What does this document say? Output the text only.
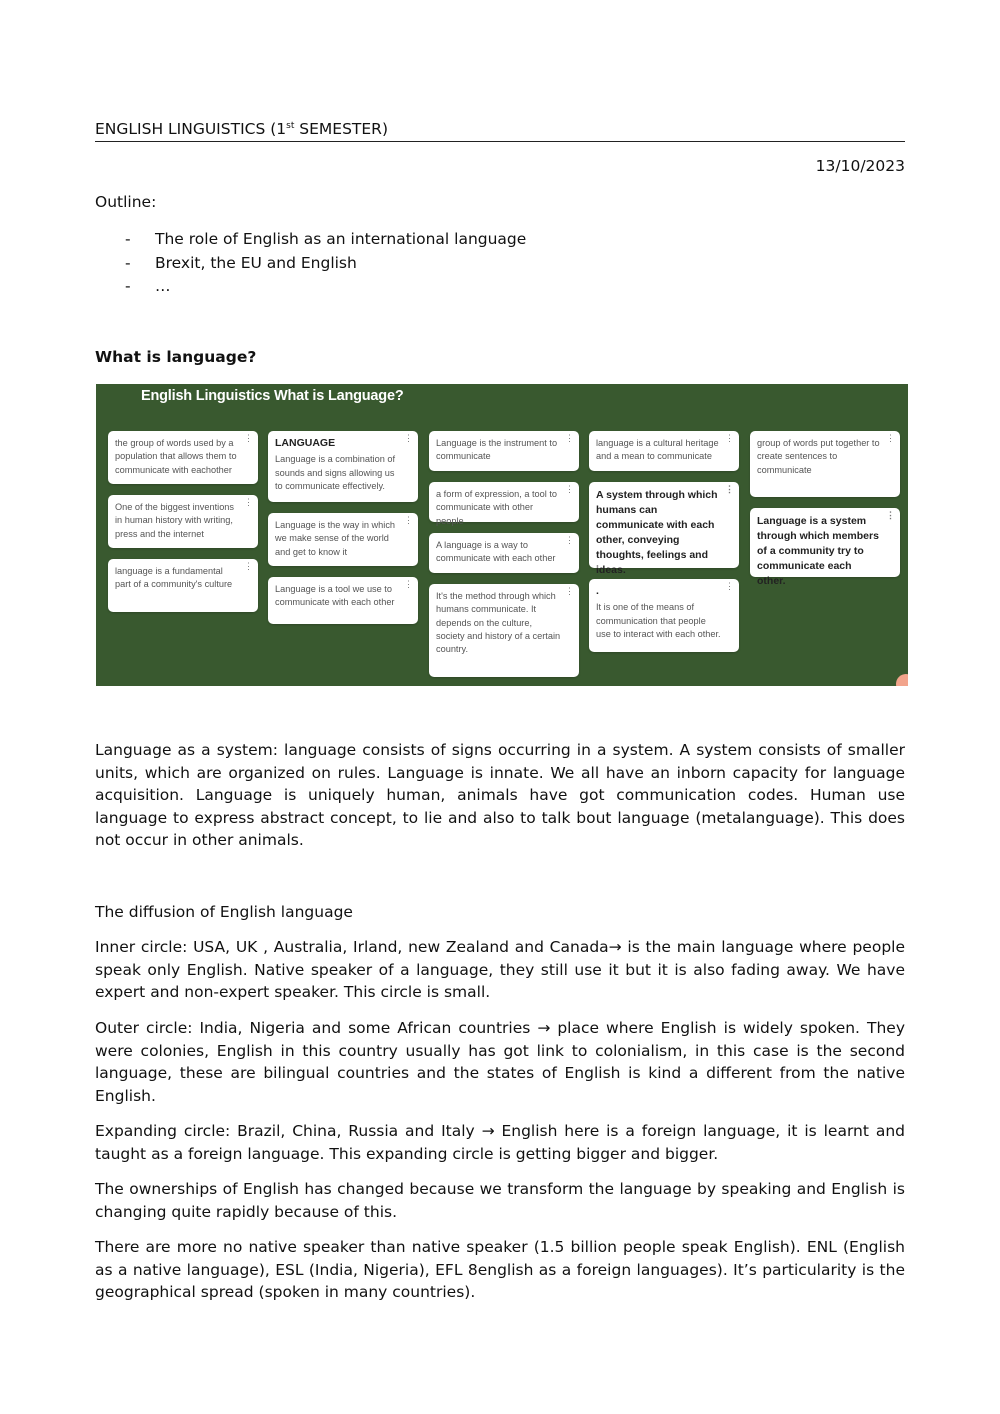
ENGLISH LINGUISTICS (1st SEMESTER)
13/10/2023
Outline:
-	The role of English as an international language
-	Brexit, the EU and English
-	…
What is language?
English Linguistics What is Language?
⋮
the group of words used by a population that allows them to communicate with eachother
⋮
One of the biggest inventions in human history with writing, press and the internet
⋮
language is a fundamental part of a community's culture
⋮
LANGUAGE
Language is a combination of sounds and signs allowing us to communicate effectively.
⋮
Language is the way in which we make sense of the world and get to know it
⋮
Language is a tool we use to communicate with each other
⋮
Language is the instrument to communicate
⋮
a form of expression, a tool to communicate with other people
⋮
A language is a way to communicate with each other
⋮
It's the method through which humans communicate. It depends on the culture, society and history of a certain country.
⋮
language is a cultural heritage and a mean to communicate
⋮
A system through which humans can communicate with each other, conveying thoughts, feelings and ideas.
⋮
.
It is one of the means of communication that people use to interact with each other.
⋮
group of words put together to create sentences to communicate
⋮
Language is a system through which members of a community try to communicate each other.
Language as a system: language consists of signs occurring in a system. A system consists of smaller units, which are organized on rules. Language is innate. We all have an inborn capacity for language acquisition. Language is uniquely human, animals have got communication codes. Human use language to express abstract concept, to lie and also to talk bout language (metalanguage). This does not occur in other animals.
The diffusion of English language
Inner circle: USA, UK , Australia, Irland, new Zealand and Canada→ is the main language where people speak only English. Native speaker of a language, they still use it but it is also fading away. We have expert and non-expert speaker. This circle is small.
Outer circle: India, Nigeria and some African countries → place where English is widely spoken. They were colonies, English in this country usually has got link to colonialism, in this case is the second language, these are bilingual countries and the states of English is kind a different from the native English.
Expanding circle: Brazil, China, Russia and Italy → English here is a foreign language, it is learnt and taught as a foreign language. This expanding circle is getting bigger and bigger.
The ownerships of English has changed because we transform the language by speaking and English is changing quite rapidly because of this.
There are more no native speaker than native speaker (1.5 billion people speak English). ENL (English as a native language), ESL (India, Nigeria), EFL 8english as a foreign languages). It’s particularity is the geographical spread (spoken in many countries).
